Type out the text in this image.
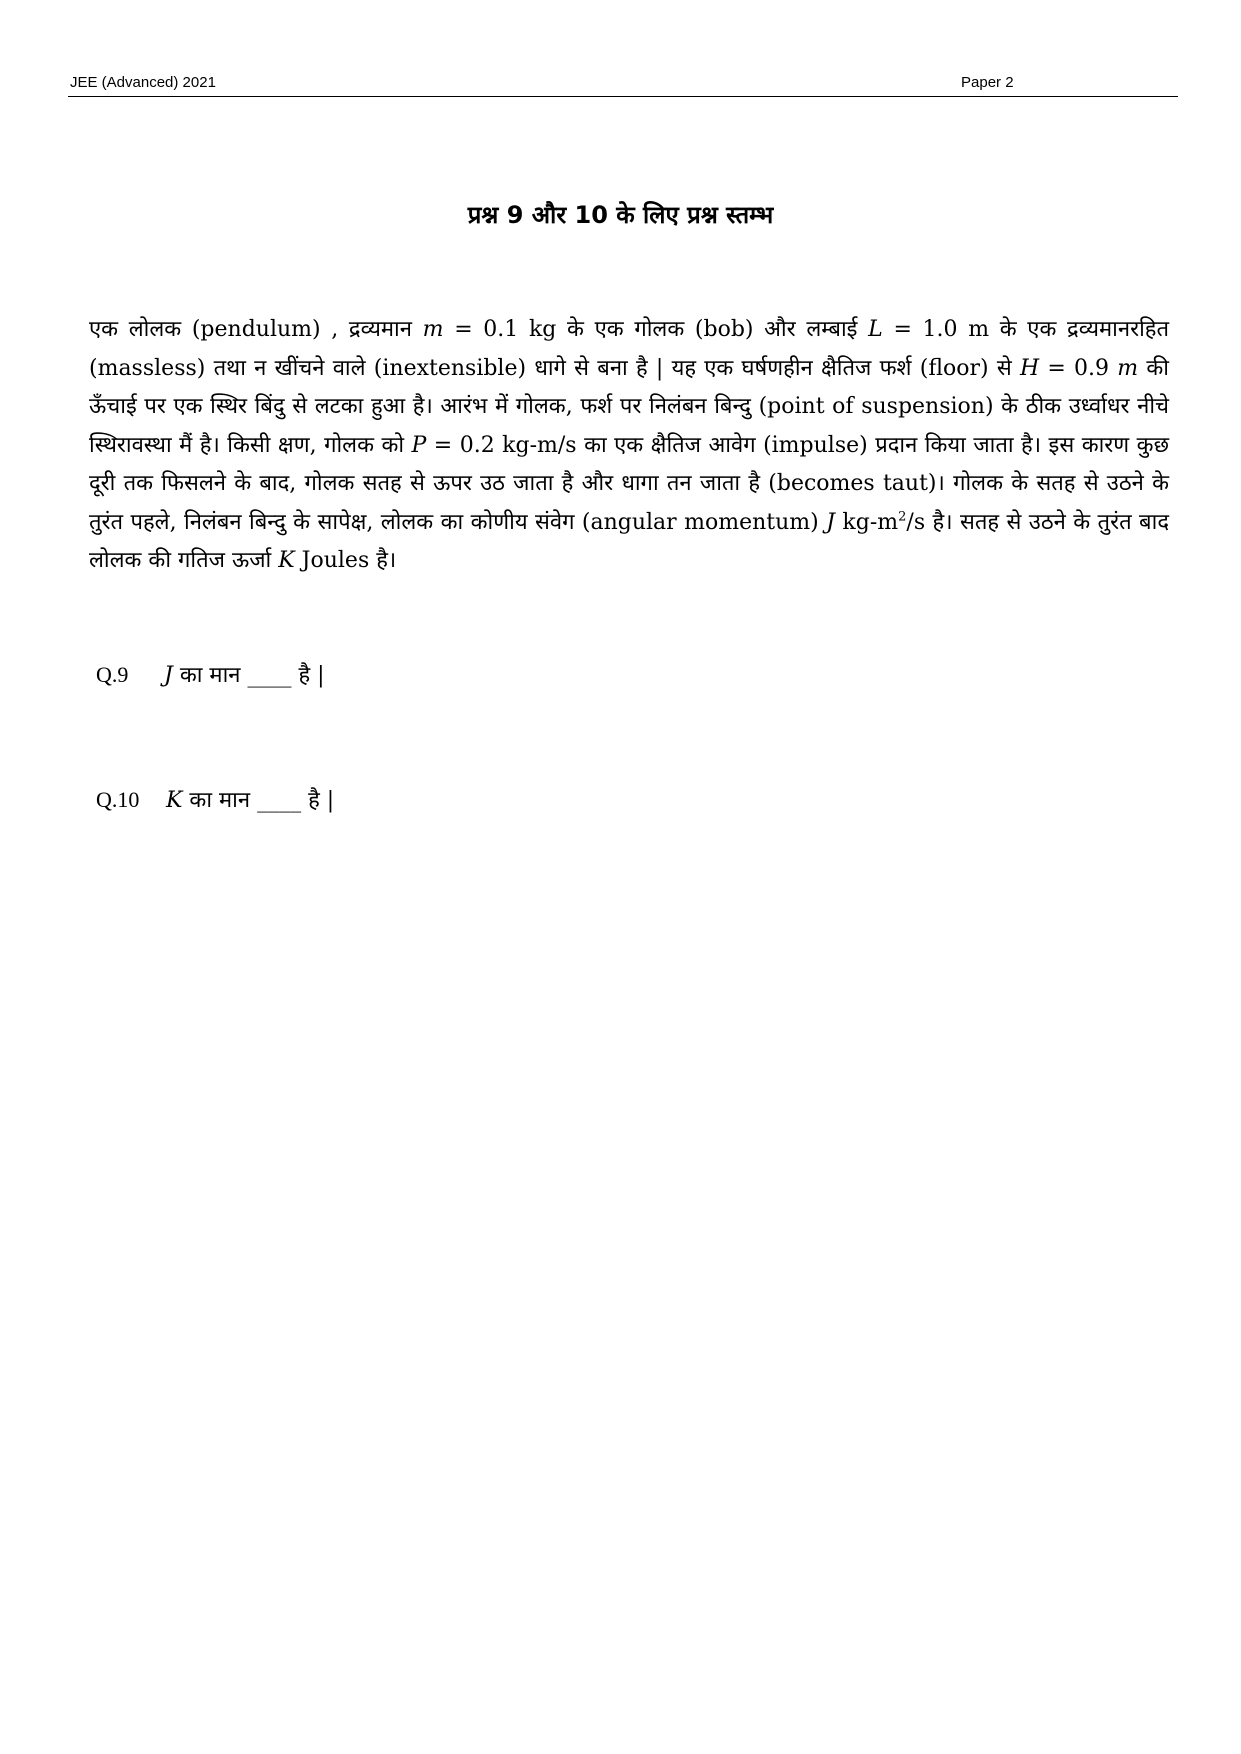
JEE (Advanced) 2021	Paper 2
प्रश्न 9 और 10 के लिए प्रश्न स्तम्भ
एक लोलक (pendulum) , द्रव्यमान m = 0.1 kg के एक गोलक (bob) और लम्बाई L = 1.0 m के एक द्रव्यमानरहित (massless) तथा न खींचने वाले (inextensible) धागे से बना है | यह एक घर्षणहीन क्षैतिज फर्श (floor) से H = 0.9 m की ऊँचाई पर एक स्थिर बिंदु से लटका हुआ है। आरंभ में गोलक, फर्श पर निलंबन बिन्दु (point of suspension) के ठीक उर्ध्वाधर नीचे स्थिरावस्था मैं है। किसी क्षण, गोलक को P = 0.2 kg-m/s का एक क्षैतिज आवेग (impulse) प्रदान किया जाता है। इस कारण कुछ दूरी तक फिसलने के बाद, गोलक सतह से ऊपर उठ जाता है और धागा तन जाता है (becomes taut)। गोलक के सतह से उठने के तुरंत पहले, निलंबन बिन्दु के सापेक्ष, लोलक का कोणीय संवेग (angular momentum) J $kg-m^2/s$ है। सतह से उठने के तुरंत बाद लोलक की गतिज ऊर्जा K Joules है।
Q.9 J का मान ____ है |
Q.10 K का मान ____ है |
